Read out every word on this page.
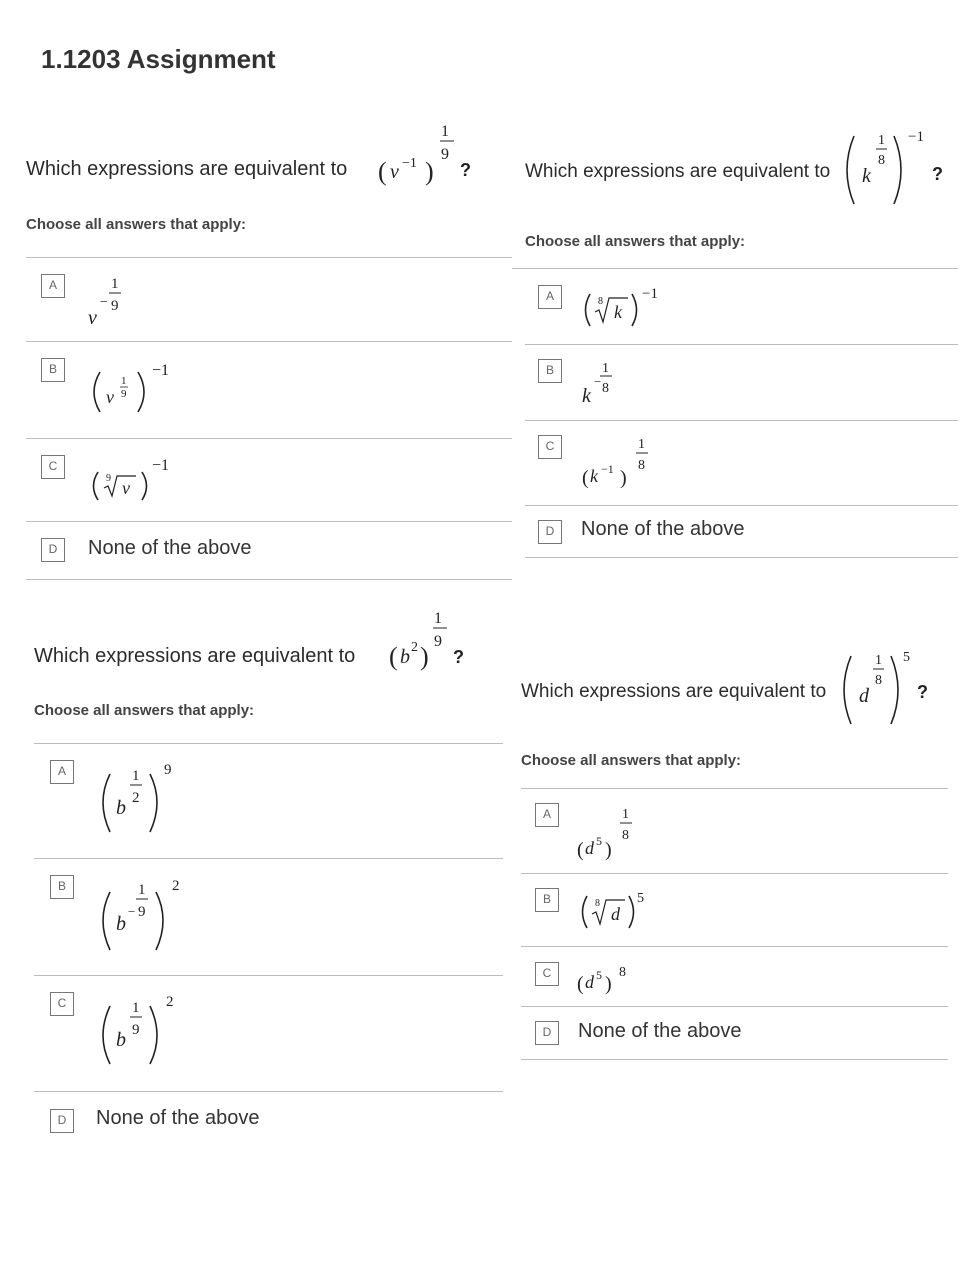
1.1203 Assignment
Which expressions are equivalent to ( v −1 )
1
9
?
Choose all answers that apply:
A
v
−
1
9
B
v
1
9
−1
C
9 v
−1
D	None of the above
Which expressions are equivalent to k
1
8
−1
?
Choose all answers that apply:
A	8
k
−1
B
k
−
1
8
C
( k −1 )
1
8
D	None of the above
Which expressions are equivalent to ( b 2 )
1
9
?
Choose all answers that apply:
A
b
1
2
9
B
b
−
1
9
2
C
b
1
9
2
D	None of the above
Which expressions are equivalent to d
1
8
5
?
Choose all answers that apply:
A
( d 5 )
1
8
B	8
d
5
C	( d 5 )
8
D	None of the above
